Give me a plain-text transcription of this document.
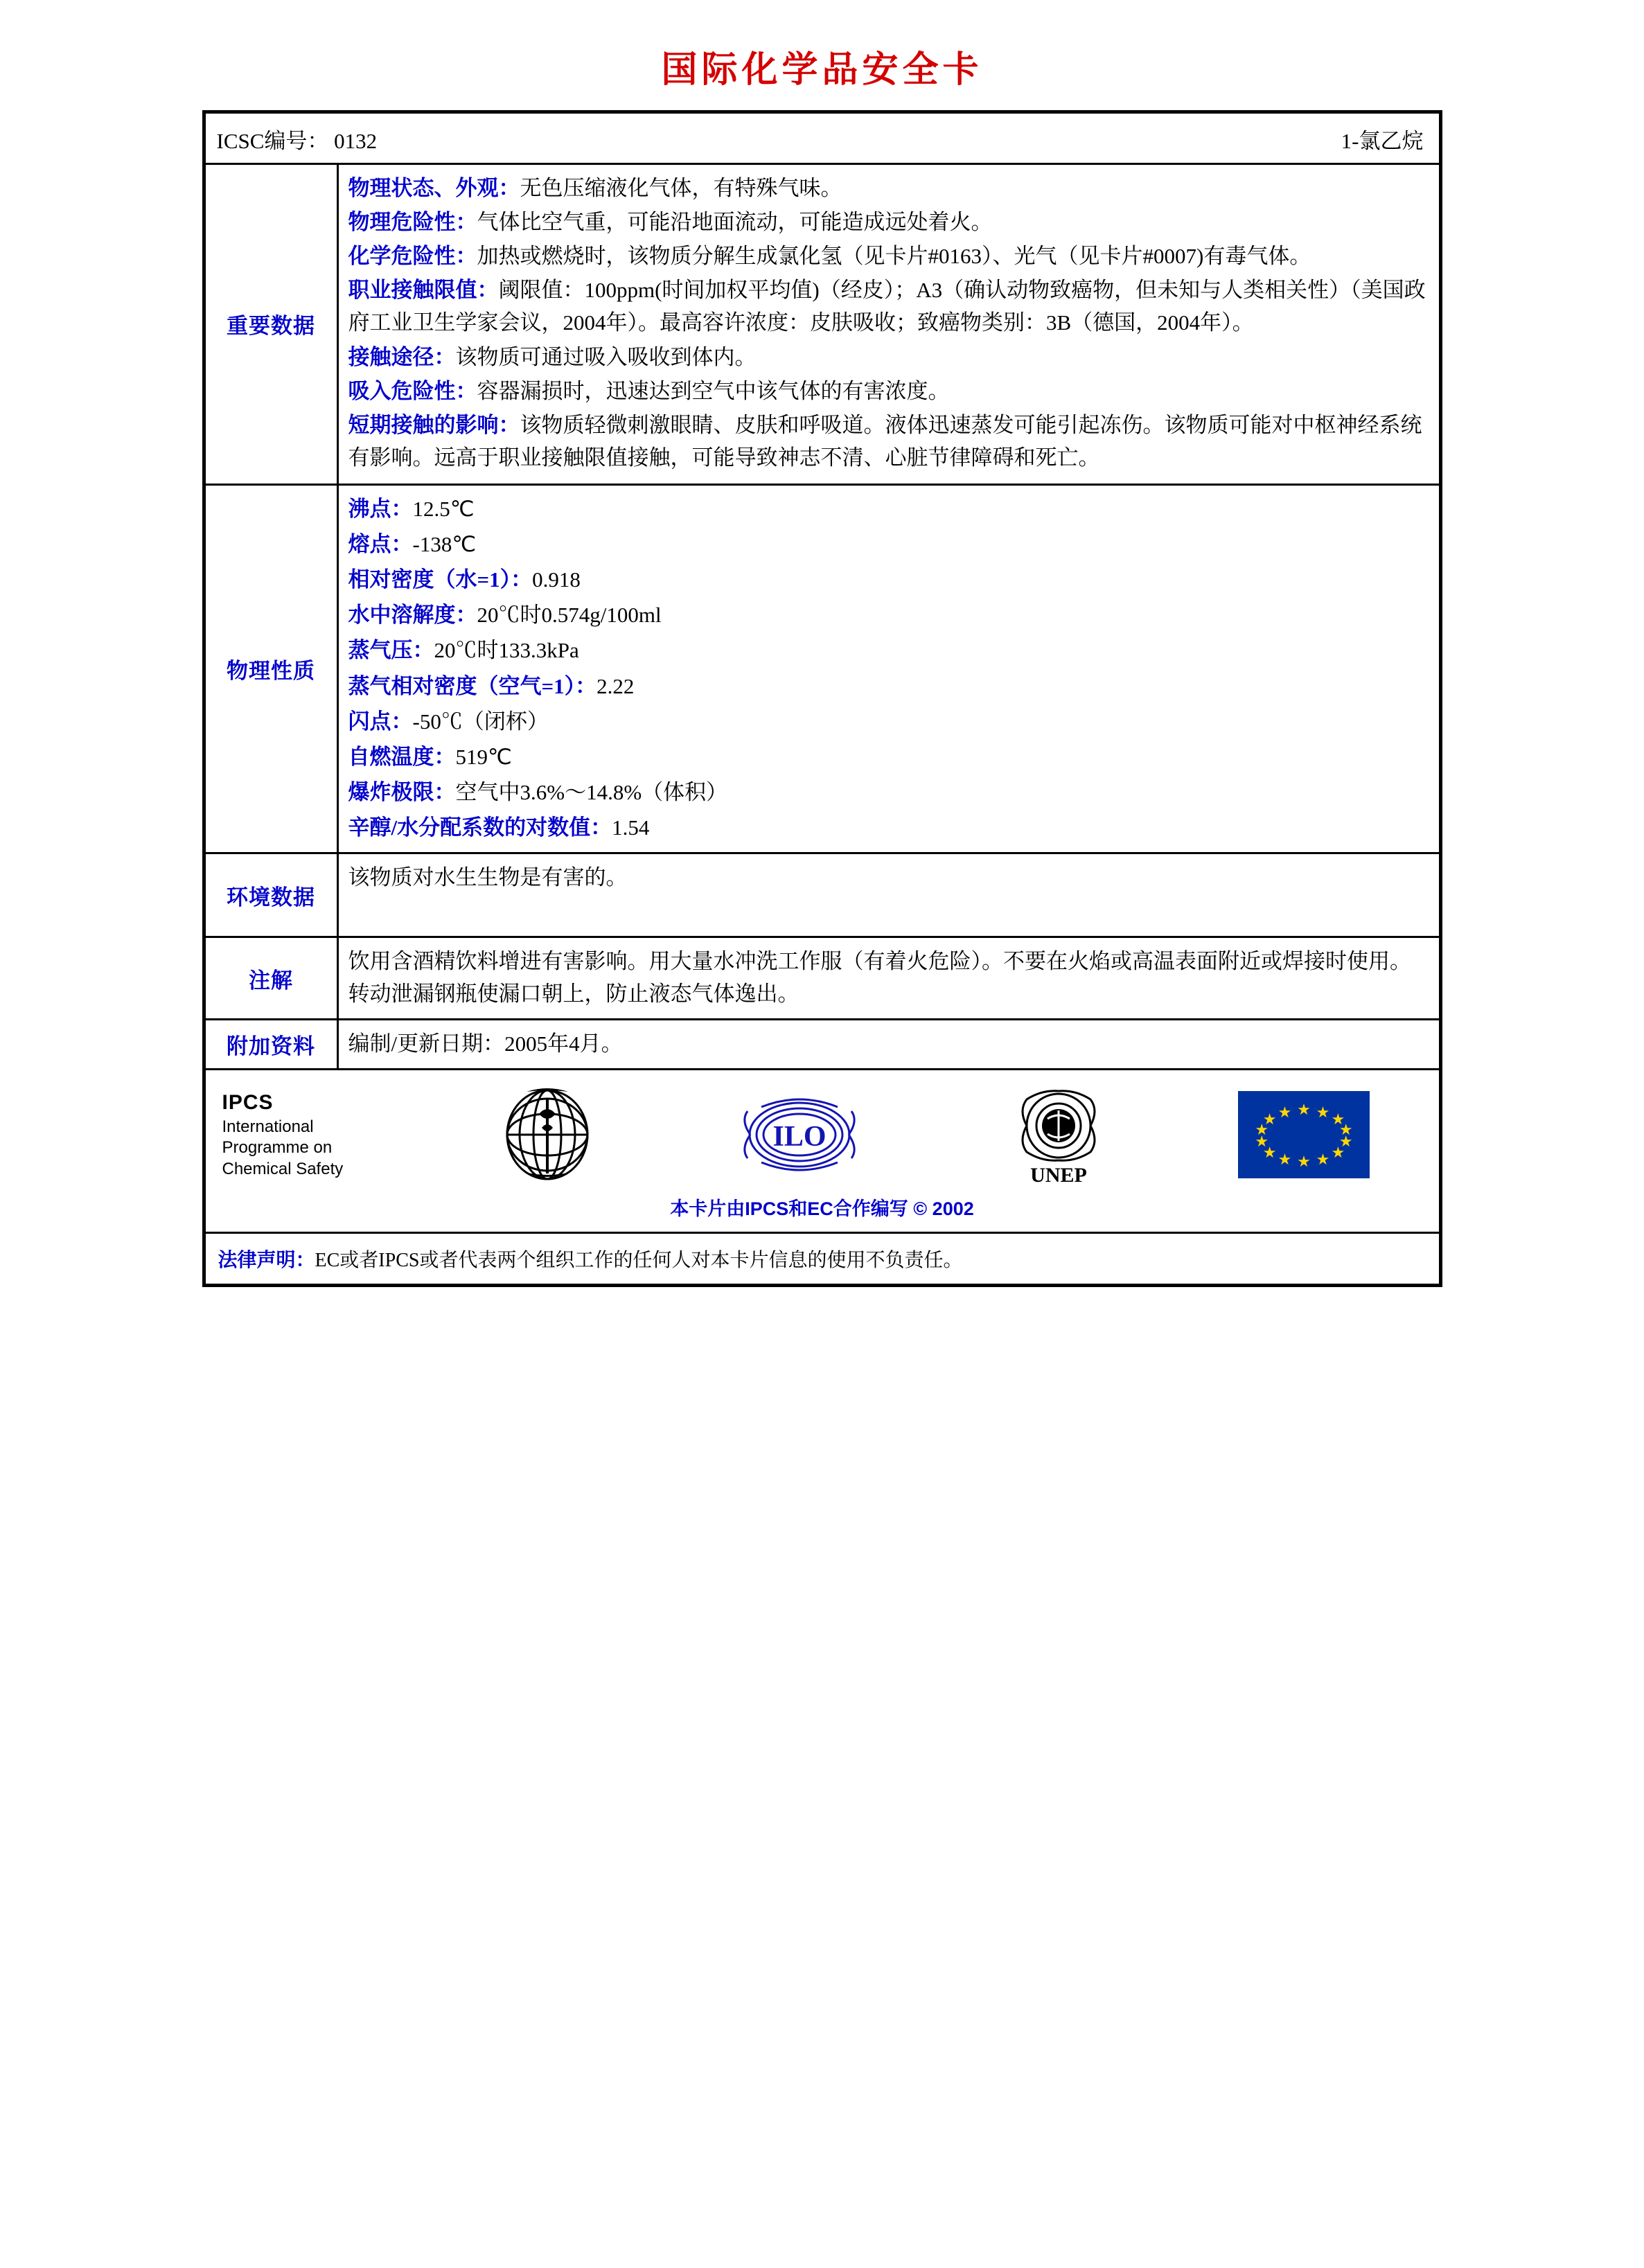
国际化学品安全卡
ICSC编号： 0132	1-氯乙烷
重要数据
物理状态、外观：无色压缩液化气体，有特殊气味。
物理危险性：气体比空气重，可能沿地面流动，可能造成远处着火。
化学危险性：加热或燃烧时，该物质分解生成氯化氢（见卡片#0163）、光气（见卡片#0007)有毒气体。
职业接触限值：阈限值：100ppm(时间加权平均值)（经皮）；A3（确认动物致癌物，但未知与人类相关性）（美国政府工业卫生学家会议，2004年）。最高容许浓度：皮肤吸收；致癌物类别：3B（德国，2004年）。
接触途径：该物质可通过吸入吸收到体内。
吸入危险性：容器漏损时，迅速达到空气中该气体的有害浓度。
短期接触的影响：该物质轻微刺激眼睛、皮肤和呼吸道。液体迅速蒸发可能引起冻伤。该物质可能对中枢神经系统有影响。远高于职业接触限值接触，可能导致神志不清、心脏节律障碍和死亡。
物理性质
沸点：12.5℃
熔点：-138℃
相对密度（水=1）：0.918
水中溶解度：20℃时0.574g/100ml
蒸气压：20℃时133.3kPa
蒸气相对密度（空气=1）：2.22
闪点：-50℃（闭杯）
自燃温度：519℃
爆炸极限：空气中3.6%～14.8%（体积）
辛醇/水分配系数的对数值：1.54
环境数据
该物质对水生生物是有害的。
注解
饮用含酒精饮料增进有害影响。用大量水冲洗工作服（有着火危险）。不要在火焰或高温表面附近或焊接时使用。转动泄漏钢瓶使漏口朝上，防止液态气体逸出。
附加资料	编制/更新日期：2005年4月。
IPCS
International
Programme on
Chemical Safety
ILO
UNEP
★ ★ ★
★
★
★
★
★
★
★
★
★
★ ★
本卡片由IPCS和EC合作编写 © 2002
法律声明：EC或者IPCS或者代表两个组织工作的任何人对本卡片信息的使用不负责任。
